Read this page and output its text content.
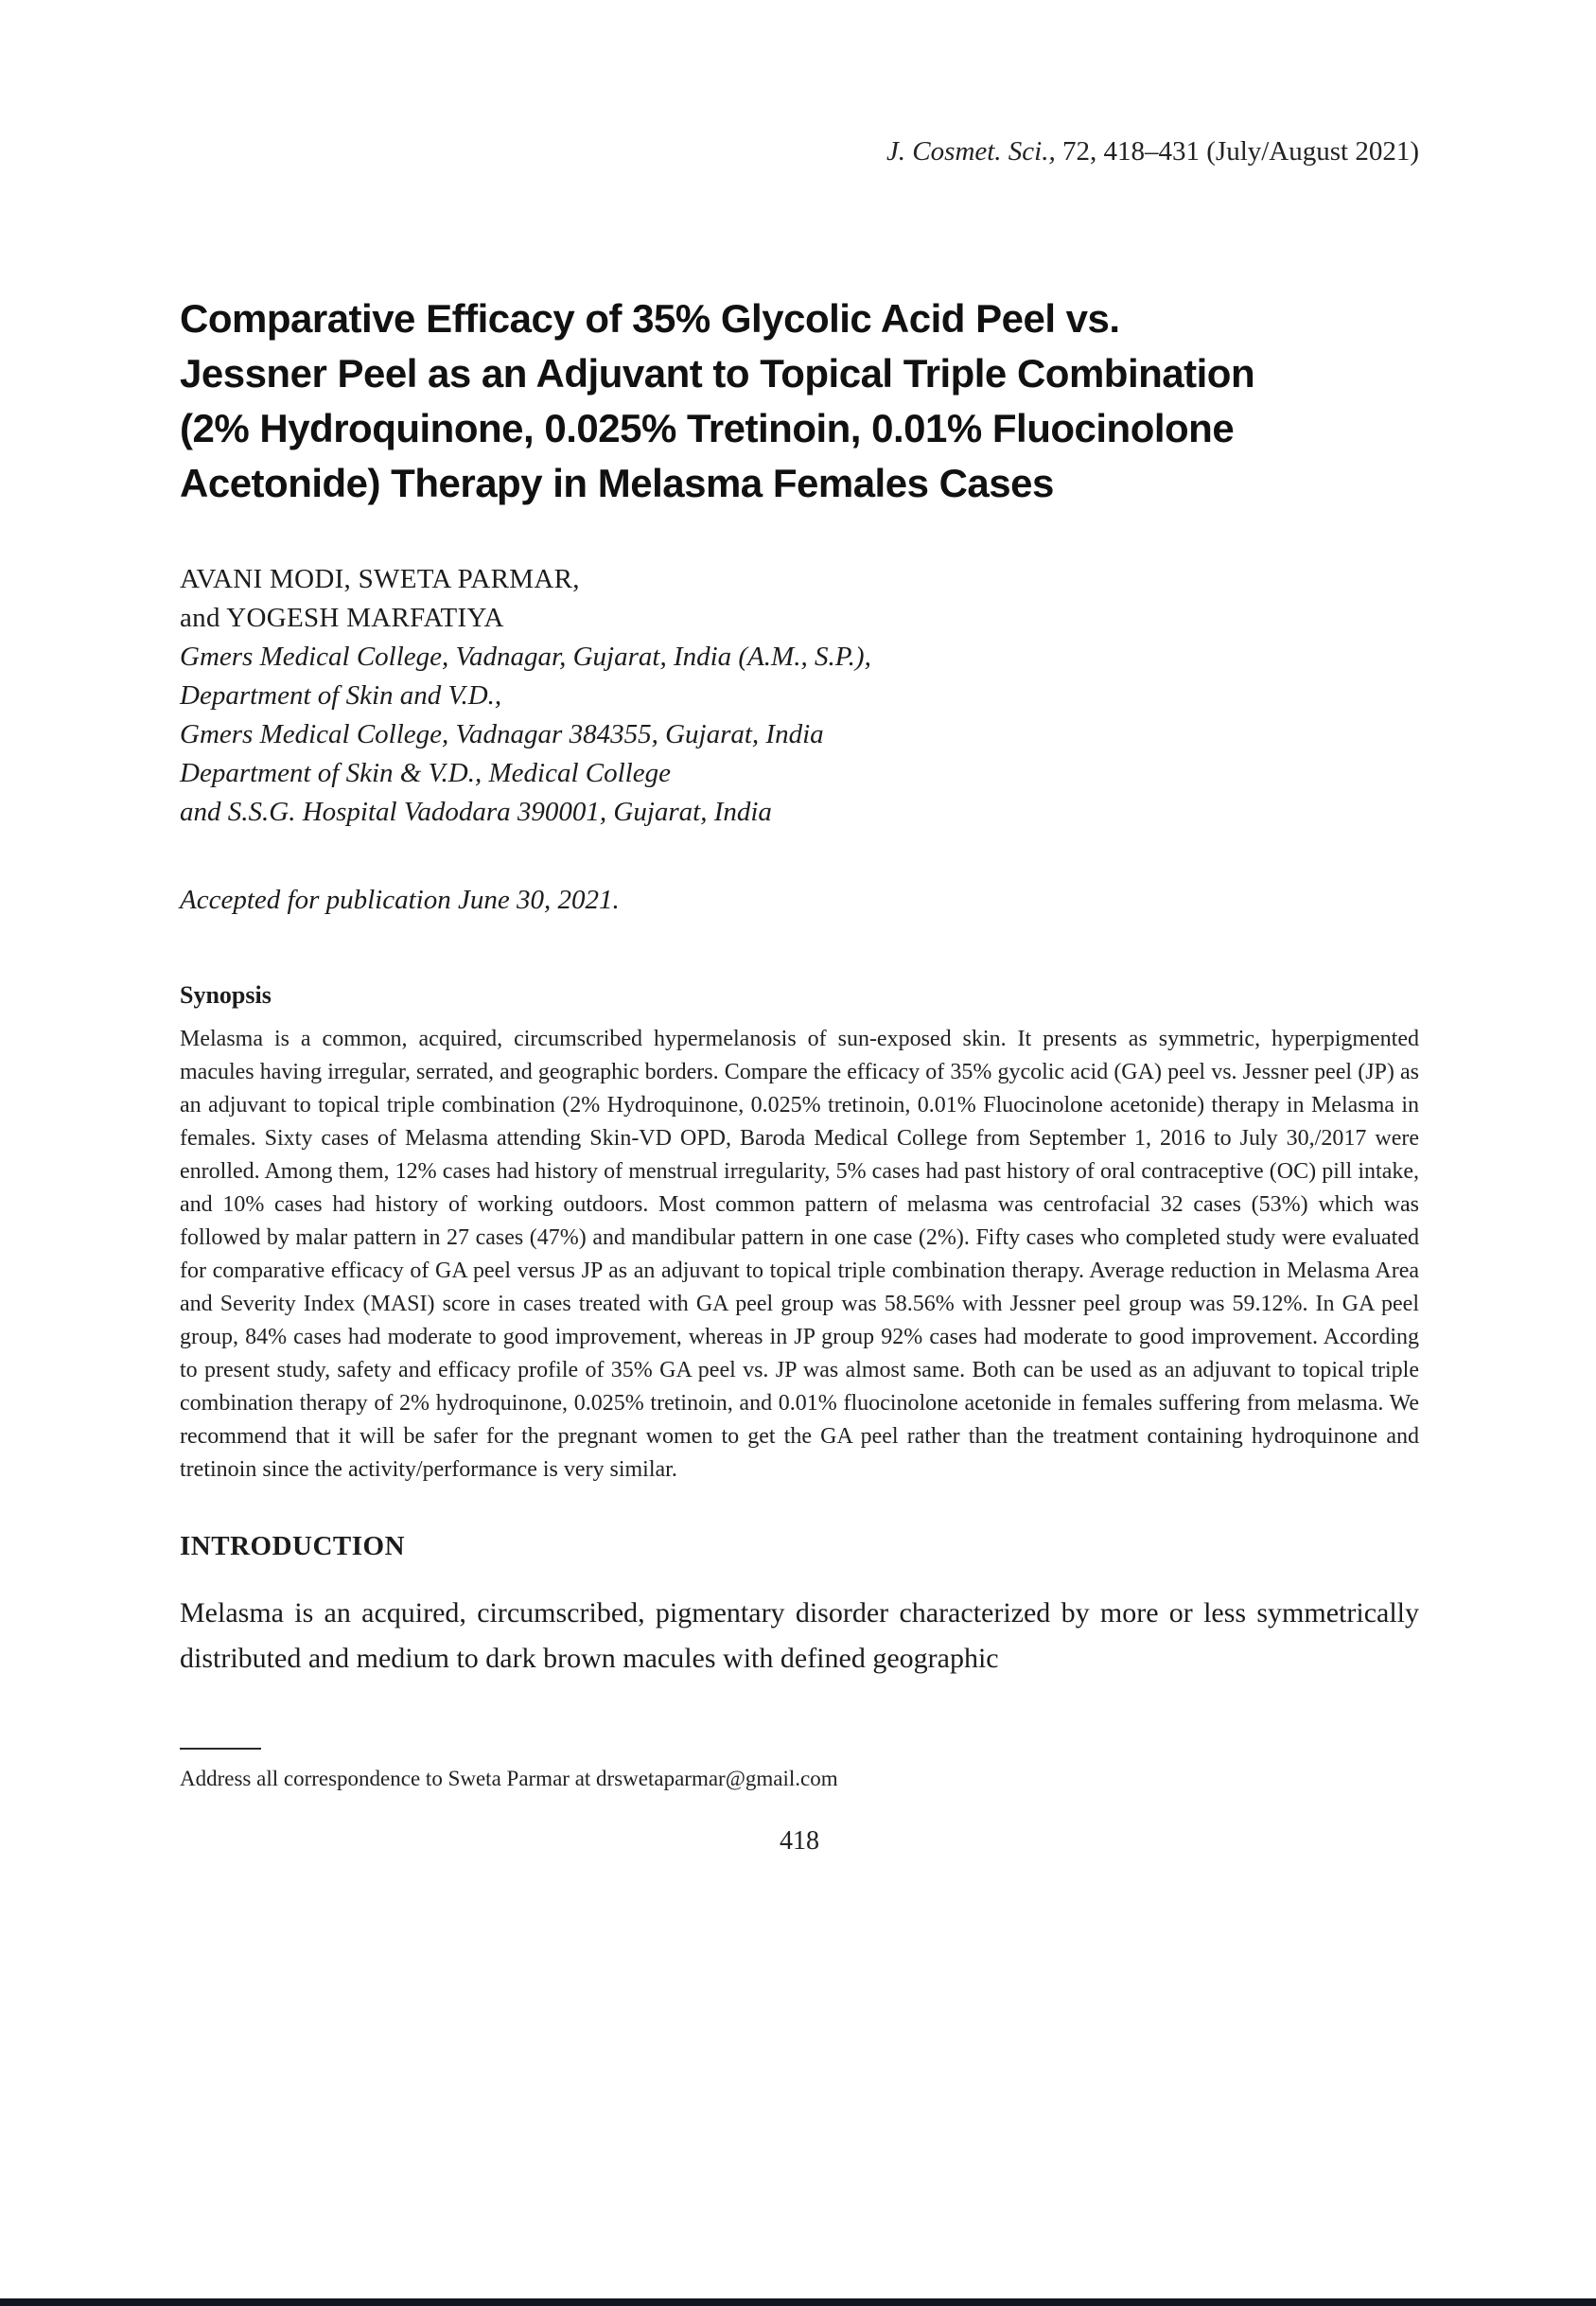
J. Cosmet. Sci., 72, 418–431 (July/August 2021)
Comparative Efficacy of 35% Glycolic Acid Peel vs.
Jessner Peel as an Adjuvant to Topical Triple Combination
(2% Hydroquinone, 0.025% Tretinoin, 0.01% Fluocinolone
Acetonide) Therapy in Melasma Females Cases
AVANI MODI, SWETA PARMAR,
and YOGESH MARFATIYA
Gmers Medical College, Vadnagar, Gujarat, India (A.M., S.P.),
Department of Skin and V.D.,
Gmers Medical College, Vadnagar 384355, Gujarat, India
Department of Skin & V.D., Medical College
and S.S.G. Hospital Vadodara 390001, Gujarat, India

Accepted for publication June 30, 2021.

Synopsis

Melasma is a common, acquired, circumscribed hypermelanosis of sun-exposed skin. It presents as symmetric, hyperpigmented macules having irregular, serrated, and geographic borders. Compare the efficacy of 35% gycolic acid (GA) peel vs. Jessner peel (JP) as an adjuvant to topical triple combination (2% Hydroquinone, 0.025% tretinoin, 0.01% Fluocinolone acetonide) therapy in Melasma in females. Sixty cases of Melasma attending Skin-VD OPD, Baroda Medical College from September 1, 2016 to July 30,/2017 were enrolled. Among them, 12% cases had history of menstrual irregularity, 5% cases had past history of oral contraceptive (OC) pill intake, and 10% cases had history of working outdoors. Most common pattern of melasma was centrofacial 32 cases (53%) which was followed by malar pattern in 27 cases (47%) and mandibular pattern in one case (2%). Fifty cases who completed study were evaluated for comparative efficacy of GA peel versus JP as an adjuvant to topical triple combination therapy. Average reduction in Melasma Area and Severity Index (MASI) score in cases treated with GA peel group was 58.56% with Jessner peel group was 59.12%. In GA peel group, 84% cases had moderate to good improvement, whereas in JP group 92% cases had moderate to good improvement. According to present study, safety and efficacy profile of 35% GA peel vs. JP was almost same. Both can be used as an adjuvant to topical triple combination therapy of 2% hydroquinone, 0.025% tretinoin, and 0.01% fluocinolone acetonide in females suffering from melasma. We recommend that it will be safer for the pregnant women to get the GA peel rather than the treatment containing hydroquinone and tretinoin since the activity/performance is very similar.

INTRODUCTION

Melasma is an acquired, circumscribed, pigmentary disorder characterized by more or less symmetrically distributed and medium to dark brown macules with defined geographic

Address all correspondence to Sweta Parmar at drswetaparmar@gmail.com

418
